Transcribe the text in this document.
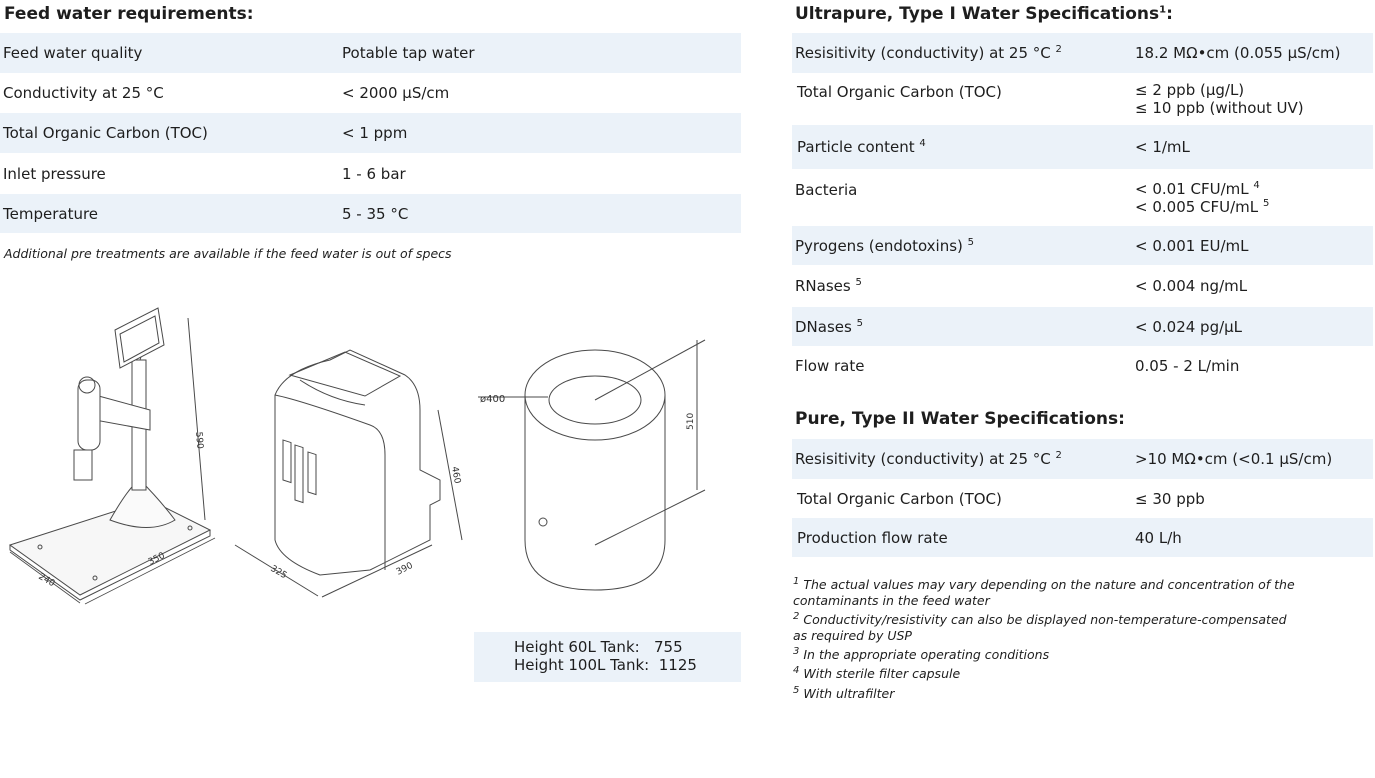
Feed water requirements:
Feed water quality	Potable tap water
Conductivity at 25 °C	< 2000 μS/cm
Total Organic Carbon (TOC)	< 1 ppm
Inlet pressure	1 - 6 bar
Temperature	5 - 35 °C
Additional pre treatments are available if the feed water is out of specs
590
240
350
325	390
460
ø400
510
Height 60L Tank:   755
Height 100L Tank:  1125
Ultrapure, Type I Water Specifications$^1$:
Resisitivity (conductivity) at 25 °C $^2$	18.2 MΩ•cm (0.055 μS/cm)

Total Organic Carbon (TOC)	≤ 2 ppb (μg/L)
≤ 10 ppb (without UV)

Particle content $^4$	< 1/mL

Bacteria	< 0.01 CFU/mL $^4$
< 0.005 CFU/mL $^5$

Pyrogens (endotoxins) $^5$	< 0.001 EU/mL
RNases $^5$	< 0.004 ng/mL
DNases $^5$	< 0.024 pg/μL
Flow rate	0.05 - 2 L/min
Pure, Type II Water Specifications:
Resisitivity (conductivity) at 25 °C $^2$	>10 MΩ•cm (<0.1 μS/cm)
Total Organic Carbon (TOC)	≤ 30 ppb
Production flow rate	40 L/h
$^1$ The actual values may vary depending on the nature and concentration of the
contaminants in the feed water
$^2$ Conductivity/resistivity can also be displayed non-temperature-compensated
as required by USP
$^3$ In the appropriate operating conditions
$^4$ With sterile filter capsule
$^5$ With ultrafilter
